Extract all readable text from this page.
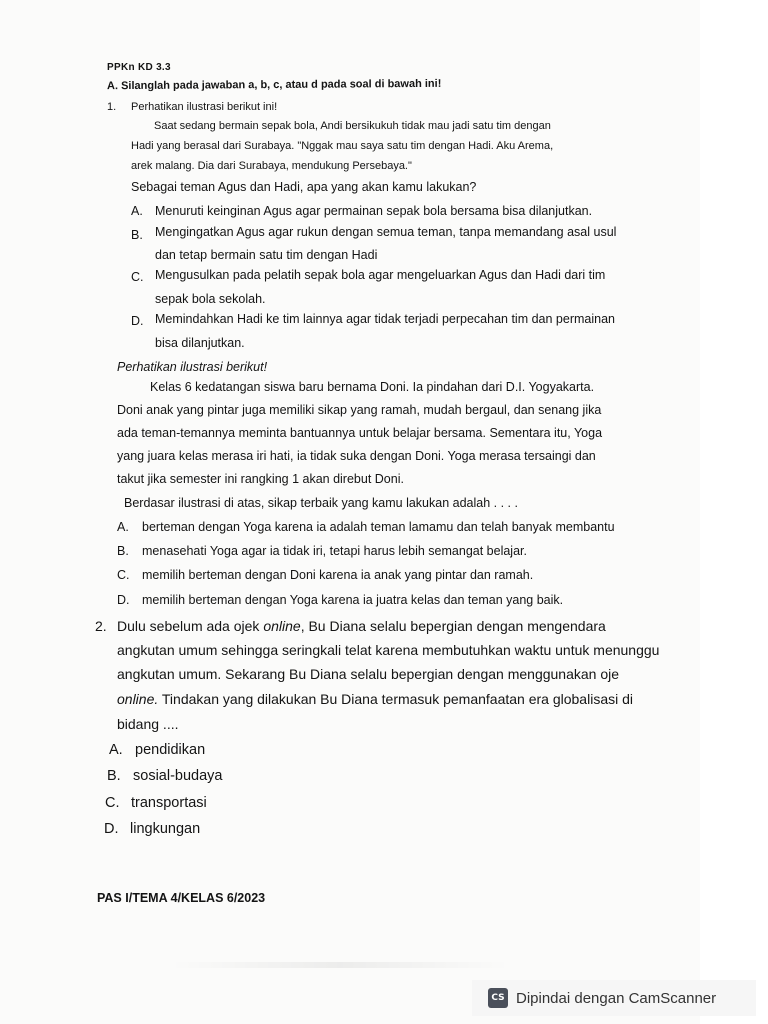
PPKn KD 3.3
A. Silanglah pada jawaban a, b, c, atau d pada soal di bawah ini!
1. Perhatikan ilustrasi berikut ini!
Saat sedang bermain sepak bola, Andi bersikukuh tidak mau jadi satu tim dengan
Hadi yang berasal dari Surabaya. "Nggak mau saya satu tim dengan Hadi. Aku Arema,
arek malang. Dia dari Surabaya, mendukung Persebaya."
Sebagai teman Agus dan Hadi, apa yang akan kamu lakukan?
A. Menuruti keinginan Agus agar permainan sepak bola bersama bisa dilanjutkan.
B. Mengingatkan Agus agar rukun dengan semua teman, tanpa memandang asal usul
dan tetap bermain satu tim dengan Hadi
C. Mengusulkan pada pelatih sepak bola agar mengeluarkan Agus dan Hadi dari tim
sepak bola sekolah.
D. Memindahkan Hadi ke tim lainnya agar tidak terjadi perpecahan tim dan permainan
bisa dilanjutkan.
Perhatikan ilustrasi berikut!
Kelas 6 kedatangan siswa baru bernama Doni. Ia pindahan dari D.I. Yogyakarta.
Doni anak yang pintar juga memiliki sikap yang ramah, mudah bergaul, dan senang jika
ada teman-temannya meminta bantuannya untuk belajar bersama. Sementara itu, Yoga
yang juara kelas merasa iri hati, ia tidak suka dengan Doni. Yoga merasa tersaingi dan
takut jika semester ini rangking 1 akan direbut Doni.
Berdasar ilustrasi di atas, sikap terbaik yang kamu lakukan adalah . . . .
A. berteman dengan Yoga karena ia adalah teman lamamu dan telah banyak membantu
B. menasehati Yoga agar ia tidak iri, tetapi harus lebih semangat belajar.
C. memilih berteman dengan Doni karena ia anak yang pintar dan ramah.
D. memilih berteman dengan Yoga karena ia juatra kelas dan teman yang baik.
2. Dulu sebelum ada ojek online, Bu Diana selalu bepergian dengan mengendara
angkutan umum sehingga seringkali telat karena membutuhkan waktu untuk menunggu
angkutan umum. Sekarang Bu Diana selalu bepergian dengan menggunakan oje
online. Tindakan yang dilakukan Bu Diana termasuk pemanfaatan era globalisasi di
bidang ....
A. pendidikan
B. sosial-budaya
C. transportasi
D. lingkungan
PAS I/TEMA 4/KELAS 6/2023
CS Dipindai dengan CamScanner
